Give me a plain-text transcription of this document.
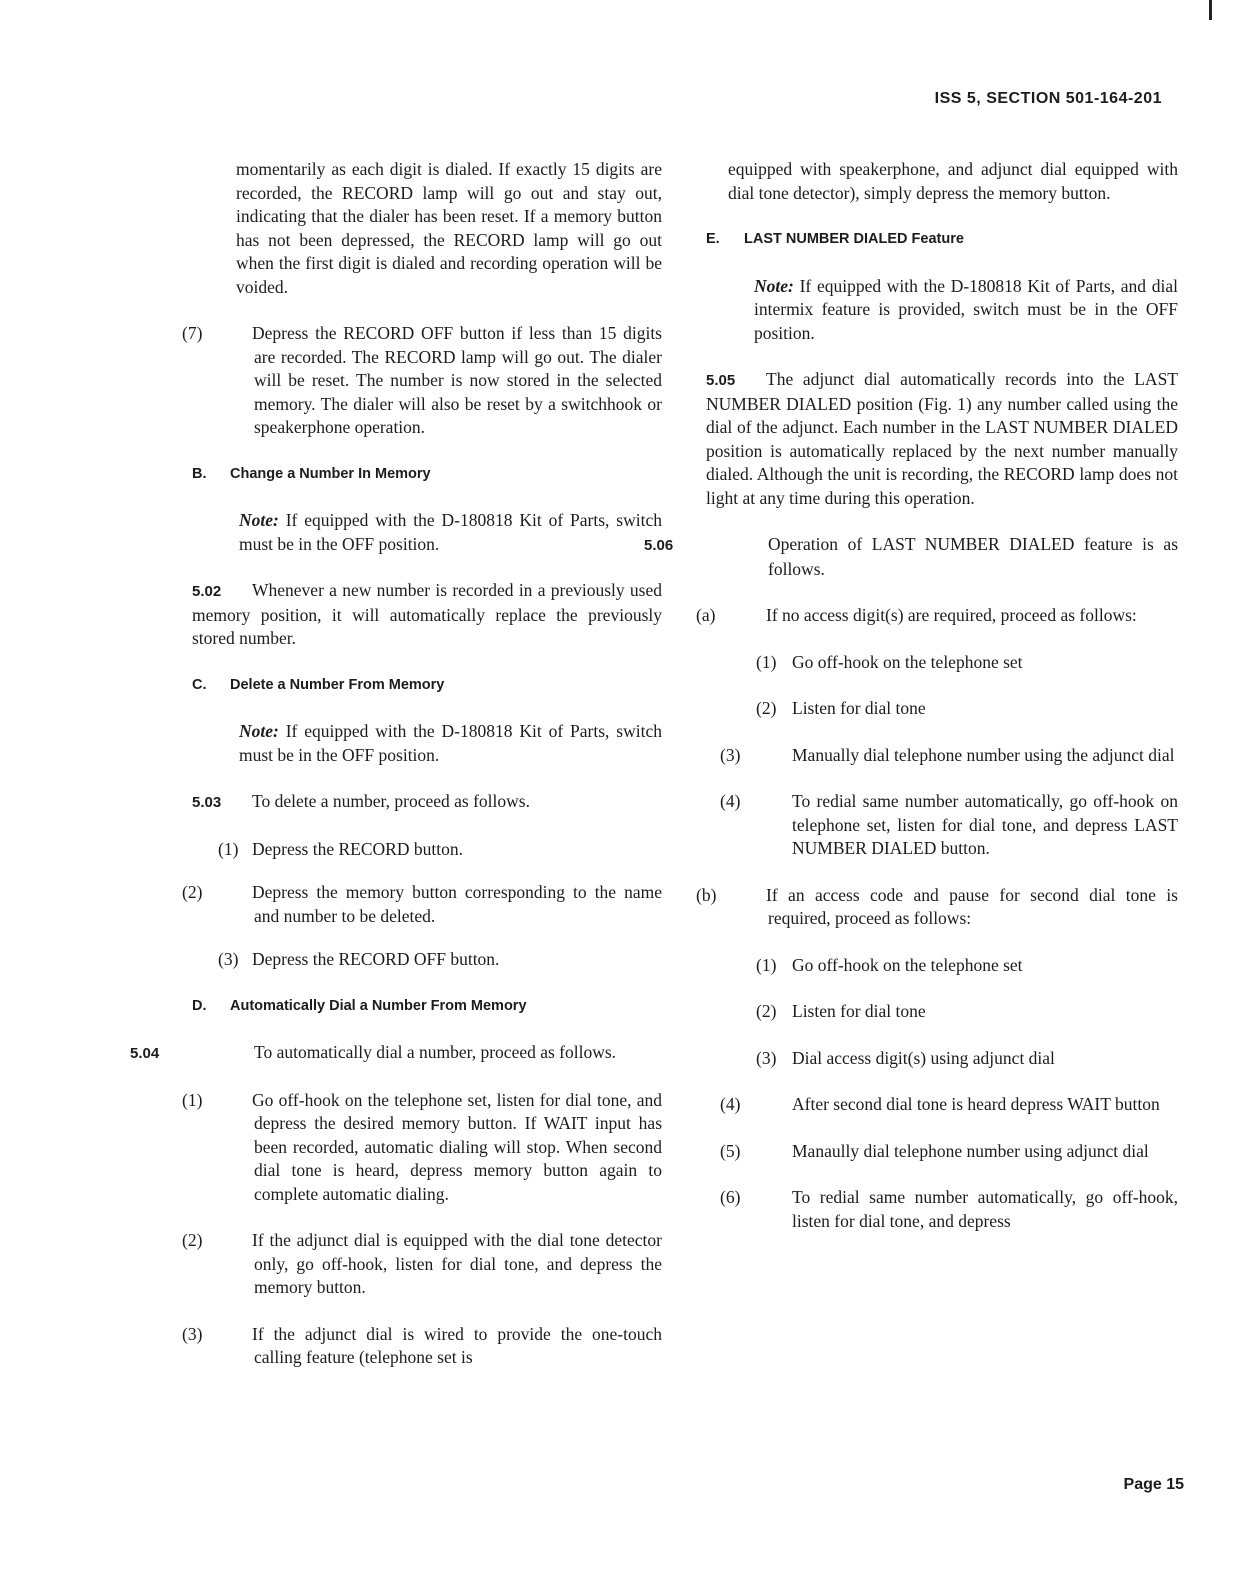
ISS 5, SECTION 501-164-201

momentarily as each digit is dialed. If exactly 15 digits are recorded, the RECORD lamp will go out and stay out, indicating that the dialer has been reset. If a memory button has not been depressed, the RECORD lamp will go out when the first digit is dialed and recording operation will be voided.

(7)	Depress the RECORD OFF button if less than 15 digits are recorded. The RECORD lamp will go out. The dialer will be reset. The number is now stored in the selected memory. The dialer will also be reset by a switchhook or speakerphone operation.

B. Change a Number In Memory

Note: If equipped with the D-180818 Kit of Parts, switch must be in the OFF position.

5.02 Whenever a new number is recorded in a previously used memory position, it will automatically replace the previously stored number.

C. Delete a Number From Memory

Note: If equipped with the D-180818 Kit of Parts, switch must be in the OFF position.

5.03 To delete a number, proceed as follows.

(1) Depress the RECORD button.

(2)	Depress the memory button corresponding to the name and number to be deleted.

(3) Depress the RECORD OFF button.

D. Automatically Dial a Number From Memory

5.04	To automatically dial a number, proceed as follows.

(1)	Go off-hook on the telephone set, listen for dial tone, and depress the desired memory button. If WAIT input has been recorded, automatic dialing will stop. When second dial tone is heard, depress memory button again to complete automatic dialing.

(2)	If the adjunct dial is equipped with the dial tone detector only, go off-hook, listen for dial tone, and depress the memory button.

(3)	If the adjunct dial is wired to provide the one-touch calling feature (telephone set is

equipped with speakerphone, and adjunct dial equipped with dial tone detector), simply depress the memory button.

E. LAST NUMBER DIALED Feature

Note: If equipped with the D-180818 Kit of Parts, and dial intermix feature is provided, switch must be in the OFF position.

5.05 The adjunct dial automatically records into the LAST NUMBER DIALED position (Fig. 1) any number called using the dial of the adjunct. Each number in the LAST NUMBER DIALED position is automatically replaced by the next number manually dialed. Although the unit is recording, the RECORD lamp does not light at any time during this operation.

5.06	Operation of LAST NUMBER DIALED feature is as follows.

(a)	If no access digit(s) are required, proceed as follows:

(1) Go off-hook on the telephone set

(2) Listen for dial tone

(3)	Manually dial telephone number using the adjunct dial

(4)	To redial same number automatically, go off-hook on telephone set, listen for dial tone, and depress LAST NUMBER DIALED button.

(b)	If an access code and pause for second dial tone is required, proceed as follows:

(1) Go off-hook on the telephone set

(2) Listen for dial tone

(3) Dial access digit(s) using adjunct dial

(4)	After second dial tone is heard depress WAIT button

(5)	Manaully dial telephone number using adjunct dial

(6)	To redial same number automatically, go off-hook, listen for dial tone, and depress

Page 15
